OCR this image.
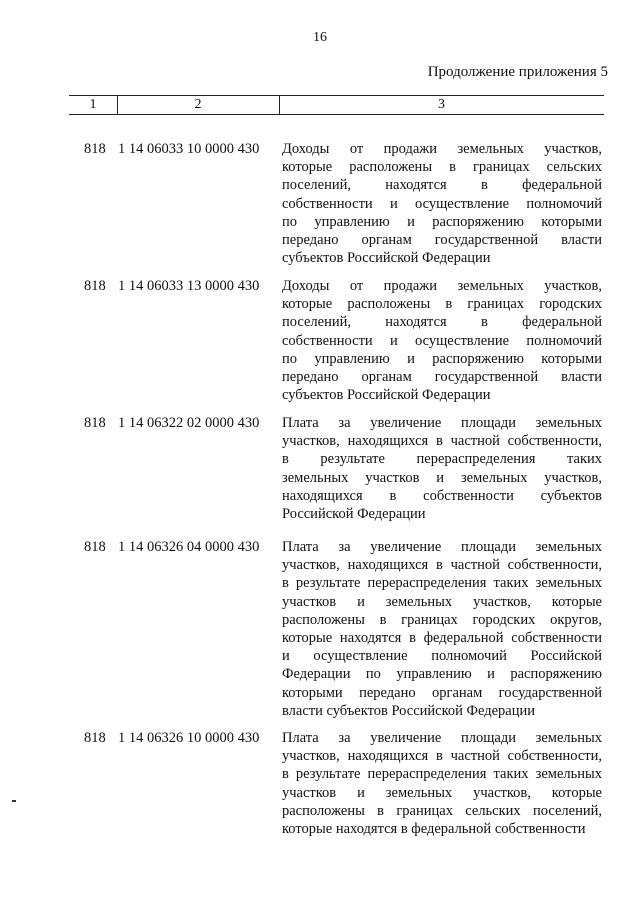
16
Продолжение приложения 5
1	2	3
818 1 14 06033 10 0000 430 Доходы от продажи земельных участков,
которые расположены в границах сельских
поселений, находятся в федеральной
собственности и осуществление полномочий
по управлению и распоряжению которыми
передано органам государственной власти
субъектов Российской Федерации
818 1 14 06033 13 0000 430 Доходы от продажи земельных участков,
которые расположены в границах городских
поселений, находятся в федеральной
собственности и осуществление полномочий
по управлению и распоряжению которыми
передано органам государственной власти
субъектов Российской Федерации
818 1 14 06322 02 0000 430 Плата за увеличение площади земельных
участков, находящихся в частной собственности,
в результате перераспределения таких
земельных участков и земельных участков,
находящихся в собственности субъектов
Российской Федерации
818 1 14 06326 04 0000 430 Плата за увеличение площади земельных
участков, находящихся в частной собственности,
в результате перераспределения таких земельных
участков и земельных участков, которые
расположены в границах городских округов,
которые находятся в федеральной собственности
и осуществление полномочий Российской
Федерации по управлению и распоряжению
которыми передано органам государственной
власти субъектов Российской Федерации
818 1 14 06326 10 0000 430 Плата за увеличение площади земельных
участков, находящихся в частной собственности,
в результате перераспределения таких земельных
участков и земельных участков, которые
расположены в границах сельских поселений,
которые находятся в федеральной собственности
